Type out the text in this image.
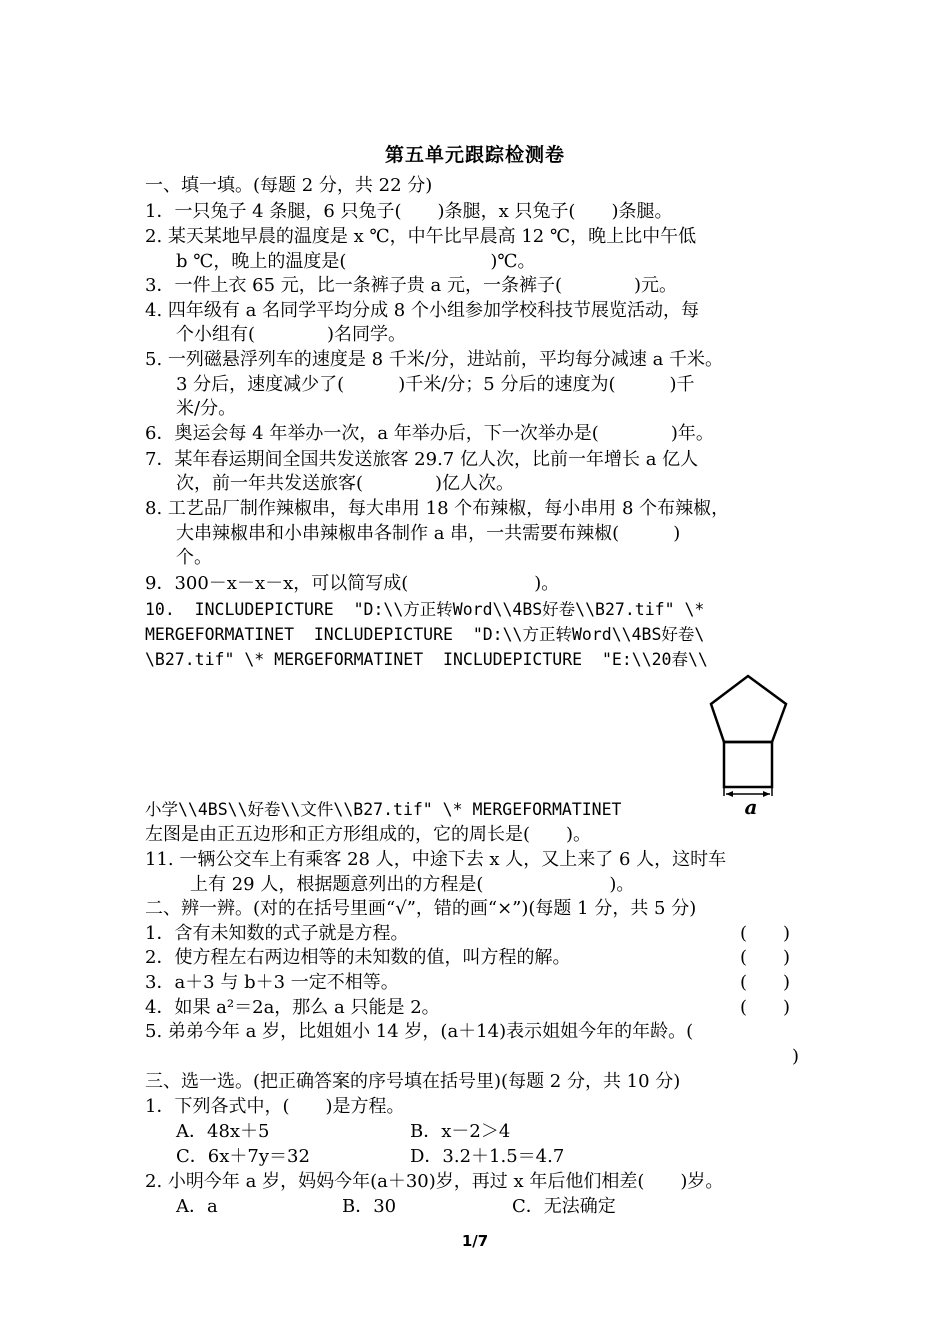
第五单元跟踪检测卷
一、填一填。(每题 2 分，共 22 分)
1．一只兔子 4 条腿，6 只兔子(　　)条腿，x 只兔子(　　)条腿。
2. 某天某地早晨的温度是 x ℃，中午比早晨高 12 ℃，晚上比中午低
b ℃，晚上的温度是(　　　　　　　　)℃。
3．一件上衣 65 元，比一条裤子贵 a 元，一条裤子(　　　　)元。
4. 四年级有 a 名同学平均分成 8 个小组参加学校科技节展览活动，每
个小组有(　　　　)名同学。
5. 一列磁悬浮列车的速度是 8 千米/分，进站前，平均每分减速 a 千米。
3 分后，速度减少了(　　　)千米/分；5 分后的速度为(　　　)千
米/分。
6．奥运会每 4 年举办一次，a 年举办后，下一次举办是(　　　　)年。
7．某年春运期间全国共发送旅客 29.7 亿人次，比前一年增长 a 亿人
次，前一年共发送旅客(　　　　)亿人次。
8. 工艺品厂制作辣椒串，每大串用 18 个布辣椒，每小串用 8 个布辣椒，
大串辣椒串和小串辣椒串各制作 a 串，一共需要布辣椒(　　　)
个。
9．300－x－x－x，可以简写成(　　　　　　　)。
10.  INCLUDEPICTURE  "D:\\方正转Word\\4BS好卷\\B27.tif" \*
MERGEFORMATINET  INCLUDEPICTURE  "D:\\方正转Word\\4BS好卷\
\B27.tif" \* MERGEFORMATINET  INCLUDEPICTURE  "E:\\20春\\
a
小学\\4BS\\好卷\\文件\\B27.tif" \* MERGEFORMATINET
左图是由正五边形和正方形组成的，它的周长是(　　)。
11. 一辆公交车上有乘客 28 人，中途下去 x 人，又上来了 6 人，这时车
上有 29 人，根据题意列出的方程是(　　　　　　　)。
二、辨一辨。(对的在括号里画“√”，错的画“×”)(每题 1 分，共 5 分)
1．含有未知数的式子就是方程。	(　　)
2．使方程左右两边相等的未知数的值，叫方程的解。	(　　)
3．a＋3 与 b＋3 一定不相等。	(　　)
4．如果 a²＝2a，那么 a 只能是 2。	(　　)
5. 弟弟今年 a 岁，比姐姐小 14 岁，(a＋14)表示姐姐今年的年龄。(
)
三、选一选。(把正确答案的序号填在括号里)(每题 2 分，共 10 分)
1．下列各式中，(　　)是方程。
A．48x＋5	B．x－2＞4
C．6x＋7y＝32	D．3.2＋1.5＝4.7
2. 小明今年 a 岁，妈妈今年(a＋30)岁，再过 x 年后他们相差(　　)岁。
A．a	B．30	C．无法确定
1/7
